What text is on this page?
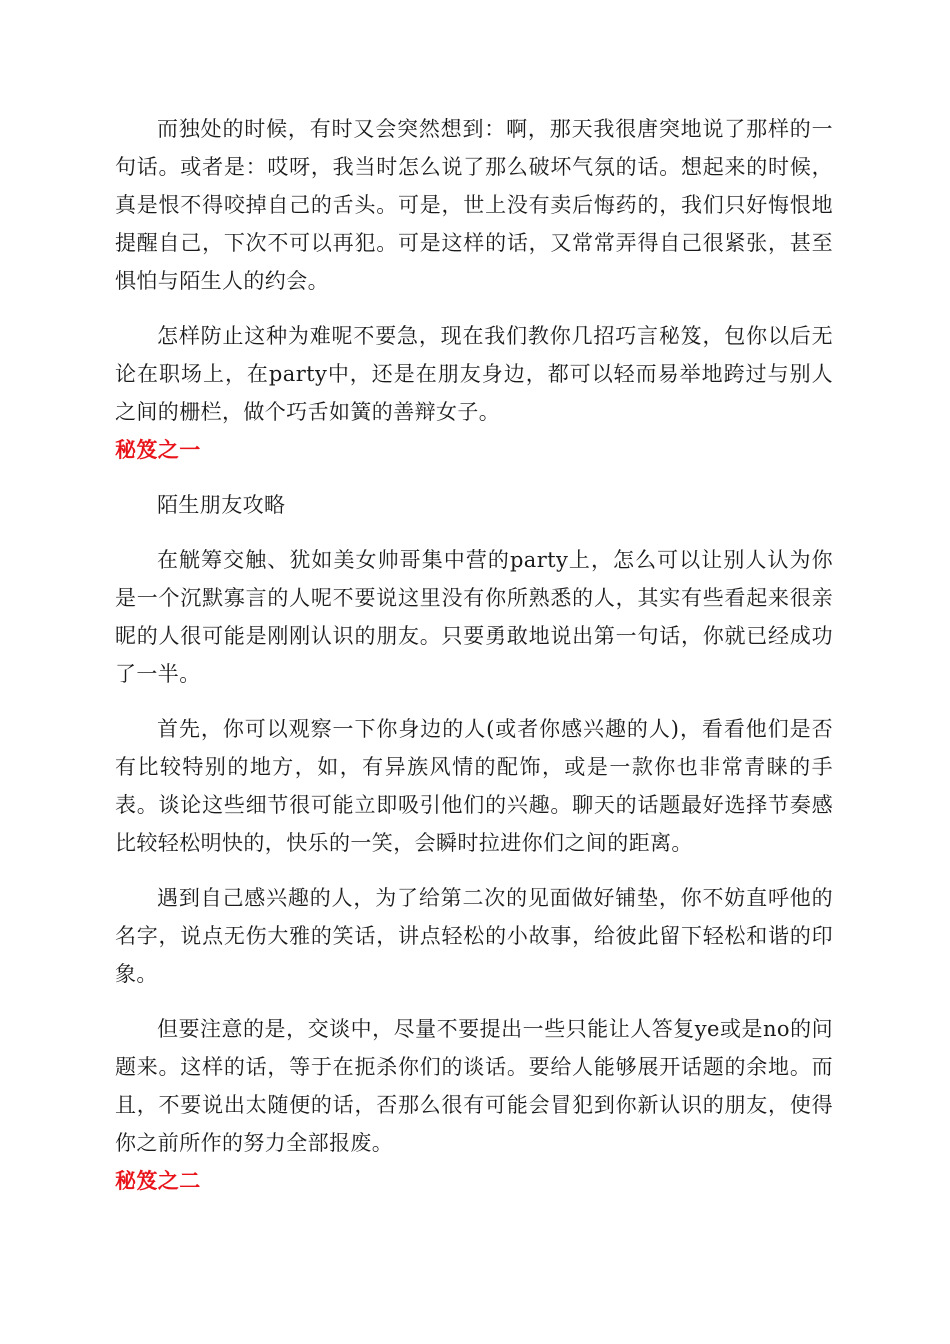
而独处的时候，有时又会突然想到：啊，那天我很唐突地说了那样的一句话。或者是：哎呀，我当时怎么说了那么破坏气氛的话。想起来的时候，真是恨不得咬掉自己的舌头。可是，世上没有卖后悔药的，我们只好悔恨地提醒自己，下次不可以再犯。可是这样的话，又常常弄得自己很紧张，甚至惧怕与陌生人的约会。

怎样防止这种为难呢不要急，现在我们教你几招巧言秘笈，包你以后无论在职场上，在party中，还是在朋友身边，都可以轻而易举地跨过与别人之间的栅栏，做个巧舌如簧的善辩女子。

秘笈之一

陌生朋友攻略

在觥筹交触、犹如美女帅哥集中营的party上，怎么可以让别人认为你是一个沉默寡言的人呢不要说这里没有你所熟悉的人，其实有些看起来很亲昵的人很可能是刚刚认识的朋友。只要勇敢地说出第一句话，你就已经成功了一半。

首先，你可以观察一下你身边的人(或者你感兴趣的人)，看看他们是否有比较特别的地方，如，有异族风情的配饰，或是一款你也非常青睐的手表。谈论这些细节很可能立即吸引他们的兴趣。聊天的话题最好选择节奏感比较轻松明快的，快乐的一笑，会瞬时拉进你们之间的距离。

遇到自己感兴趣的人，为了给第二次的见面做好铺垫，你不妨直呼他的名字，说点无伤大雅的笑话，讲点轻松的小故事，给彼此留下轻松和谐的印象。

但要注意的是，交谈中，尽量不要提出一些只能让人答复ye或是no的问题来。这样的话，等于在扼杀你们的谈话。要给人能够展开话题的余地。而且，不要说出太随便的话，否那么很有可能会冒犯到你新认识的朋友，使得你之前所作的努力全部报废。

秘笈之二
